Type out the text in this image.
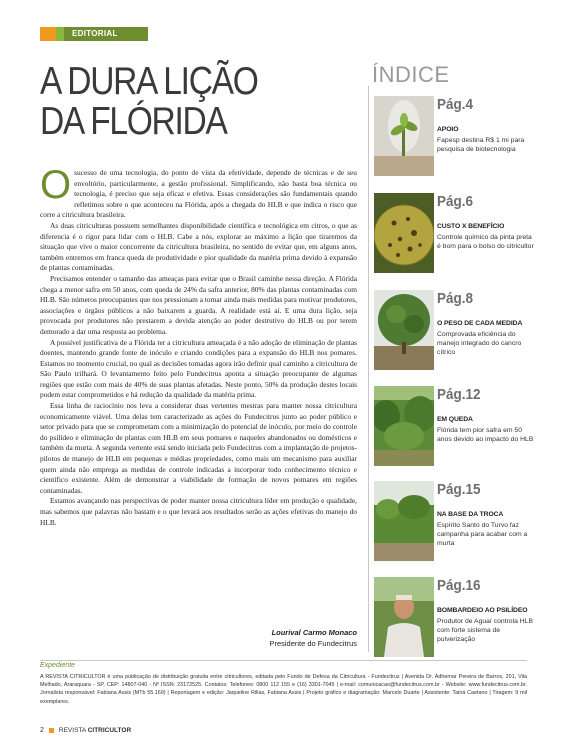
EDITORIAL
A DURA LIÇÃO
DA FLÓRIDA

Osucesso de uma tecnologia, do ponto de vista da efetividade, depende de técnicas e de seu envoltório, particularmente, a gestão profissional. Simplificando, não basta boa técnica ou tecnologia, é preciso que seja eficaz e efetiva. Essas considerações são fundamentais quando refletimos sobre o que aconteceu na Flórida, após a chegada do HLB e que indica o risco que corre a citricultura brasileira.

As duas citriculturas possuem semelhantes disponibilidade científica e tecnológica em citros, o que as diferencia é o rigor para lidar com o HLB. Cabe a nós, explorar ao máximo a lição que tiraremos da situação que vive o maior concorrente da citricultura brasileira, no sentido de evitar que, em alguns anos, também entremos em franca queda de produtividade e pior qualidade da matéria prima devido à expansão de plantas contaminadas.

Precisamos entender o tamanho das ameaças para evitar que o Brasil caminhe nessa direção. A Flórida chega a menor safra em 50 anos, com queda de 24% da safra anterior, 80% das plantas contaminadas com HLB. São números preocupantes que nos pressionam a tomar ainda mais medidas para motivar produtores, associações e órgãos públicos a não baixarem a guarda. A realidade está aí. E uma dura lição, seja provocada por produtores não prestarem a devida atenção ao poder destrutivo do HLB ou por terem demorado a dar uma resposta ao problema.

A possível justificativa de a Flórida ter a citricultura ameaçada é a não adoção de eliminação de plantas doentes, mantendo grande fonte de inóculo e criando condições para a expansão do HLB nos pomares. Estamos no momento crucial, no qual as decisões tomadas agora irão definir qual caminho a citricultura de São Paulo trilhará. O levantamento feito pelo Fundecitrus aponta a situação preocupante de algumas regiões que estão com mais de 40% de suas plantas afetadas. Neste ponto, 50% da produção destes locais podem estar comprometidos e há redução da qualidade da matéria prima.

Essa linha de raciocínio nos leva a considerar duas vertentes mestras para manter nossa citricultura economicamente viável. Uma delas tem caracterizado as ações do Fundecitrus junto ao poder público e setor privado para que se comprometam com a minimização do potencial de inóculo, por meio do controle do psilídeo e eliminação de plantas com HLB em seus pomares e naqueles abandonados ou domésticos e também da murta. A segunda vertente está sendo iniciada pelo Fundecitrus com a implantação de projetos-pilotos de manejo de HLB em pequenas e médias propriedades, como mais um mecanismo para auxiliar quem ainda não emprega as medidas de controle indicadas a incorporar todo conhecimento técnico e científico existente. Além de demonstrar a viabilidade de formação de novos pomares em regiões contaminadas.

Estamos avançando nas perspectivas de poder manter nossa citricultura líder em produção e qualidade, mas sabemos que palavras não bastam e o que levará aos resultados serão as ações efetivas do manejo do HLB.

Lourival Carmo Monaco
Presidente do Fundecitrus
ÍNDICE
Pág.4
APOIO
Fapesp destina R$ 1 mi para pesquisa de biotecnologia
Pág.6
CUSTO X BENEFÍCIO
Controle químico da pinta preta é bom para o bolso do citricultor
Pág.8
O PESO DE CADA MEDIDA
Comprovada eficiência do manejo integrado do cancro cítrico
Pág.12
EM QUEDA
Flórida tem pior safra em 50 anos devido ao impacto do HLB
Pág.15
NA BASE DA TROCA
Espírito Santo do Turvo faz campanha para acabar com a murta
Pág.16
BOMBARDEIO AO PSILÍDEO
Produtor de Aguaí controla HLB com forte sistema de pulverização
Expediente
A REVISTA CITRICULTOR é uma publicação de distribuição gratuita entre citricultores, editada pelo Fundo de Defesa da Citricultura - Fundecitrus | Avenida Dr. Adhemar Pereira de Barros, 201, Vila Melhado, Araraquara - SP, CEP: 14807-040 - Nº ISSN: 23172525. Contatos: Telefones: 0800 112 155 e (16) 3301-7045 | e-mail: comunicacao@fundecitrus.com.br - Website: www.fundecitrus.com.br. Jornalista responsável: Fabiana Assis (MTb 55.169) | Reportagem e edição: Jaqueline Rillas, Fabiana Assis | Projeto gráfico e diagramação: Marcelo Duarte | Assistente: Tainá Caetano | Tiragem: 9 mil exemplares.
2 REVISTA CITRICULTOR
